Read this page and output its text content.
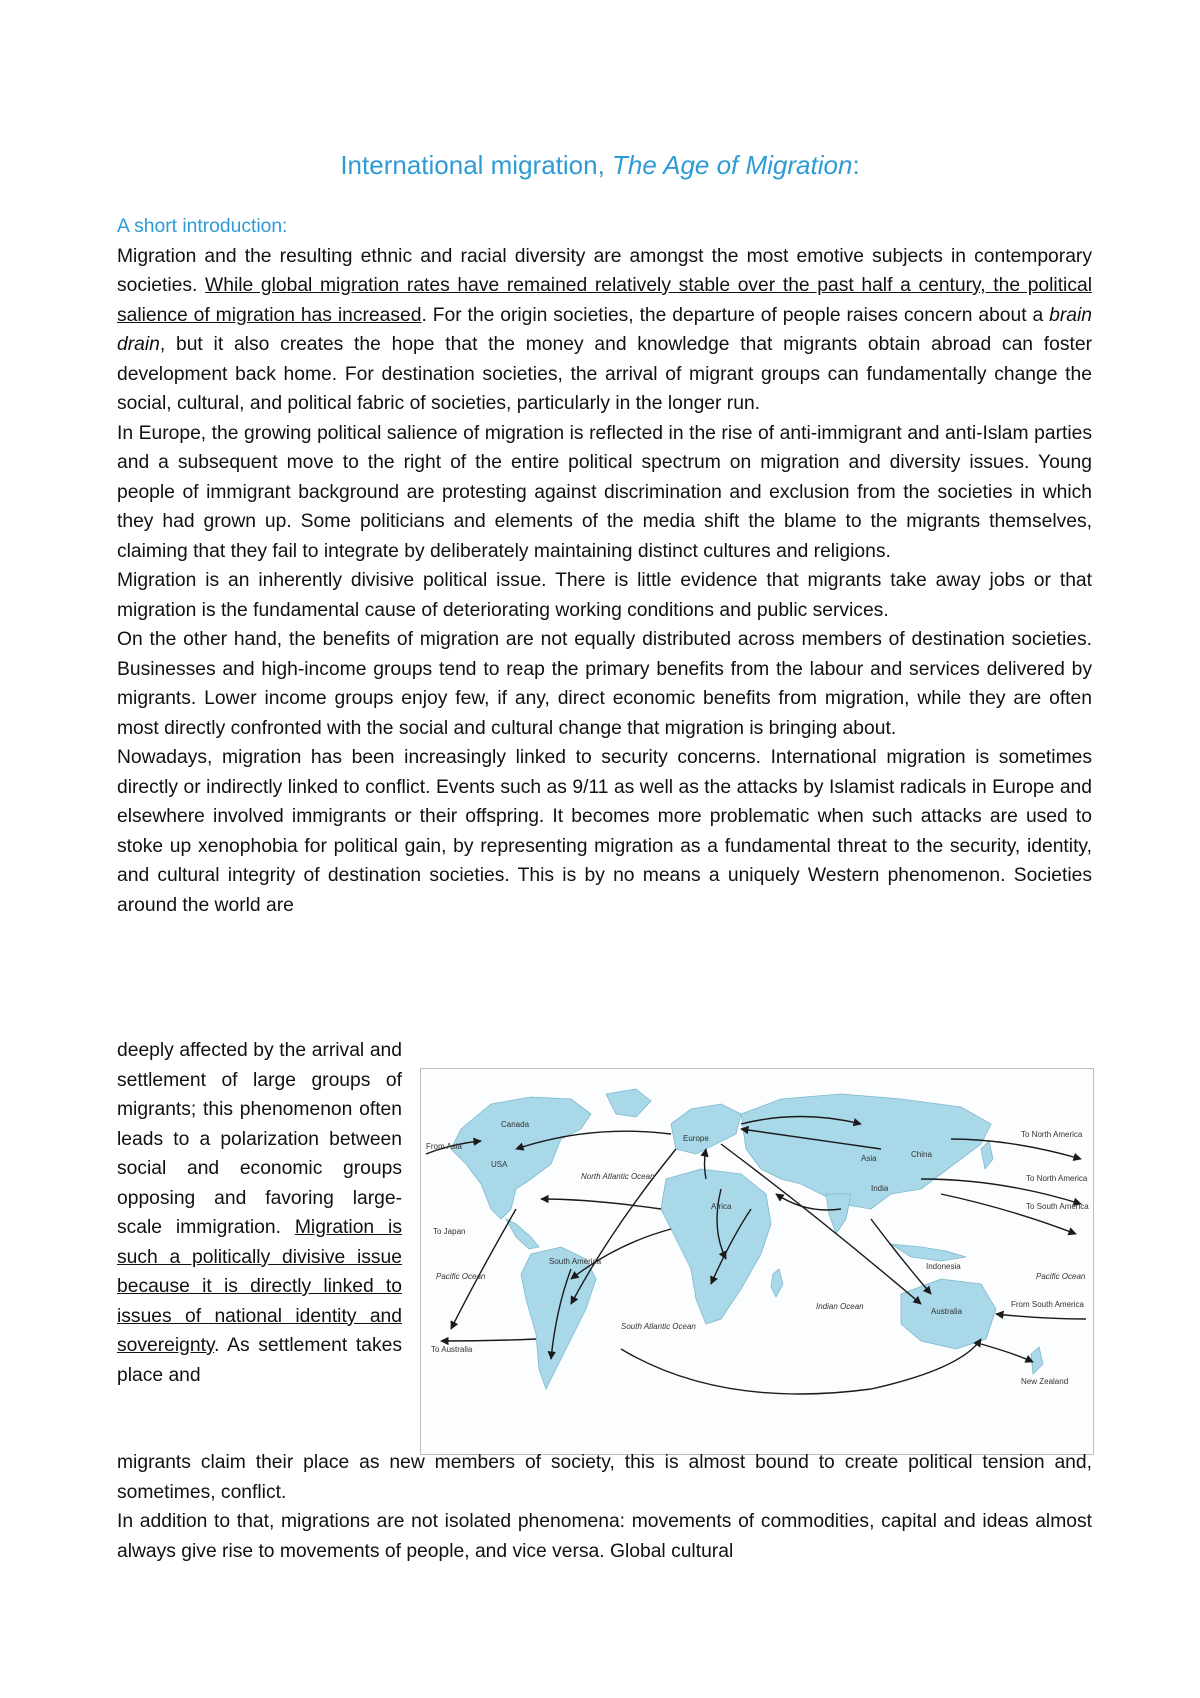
International migration, The Age of Migration:

A short introduction:

Migration and the resulting ethnic and racial diversity are amongst the most emotive subjects in contemporary societies. While global migration rates have remained relatively stable over the past half a century, the political salience of migration has increased. For the origin societies, the departure of people raises concern about a brain drain, but it also creates the hope that the money and knowledge that migrants obtain abroad can foster development back home. For destination societies, the arrival of migrant groups can fundamentally change the social, cultural, and political fabric of societies, particularly in the longer run.

In Europe, the growing political salience of migration is reflected in the rise of anti-immigrant and anti-Islam parties and a subsequent move to the right of the entire political spectrum on migration and diversity issues. Young people of immigrant background are protesting against discrimination and exclusion from the societies in which they had grown up. Some politicians and elements of the media shift the blame to the migrants themselves, claiming that they fail to integrate by deliberately maintaining distinct cultures and religions.

Migration is an inherently divisive political issue. There is little evidence that migrants take away jobs or that migration is the fundamental cause of deteriorating working conditions and public services.

On the other hand, the benefits of migration are not equally distributed across members of destination societies. Businesses and high-income groups tend to reap the primary benefits from the labour and services delivered by migrants. Lower income groups enjoy few, if any, direct economic benefits from migration, while they are often most directly confronted with the social and cultural change that migration is bringing about.

Nowadays, migration has been increasingly linked to security concerns. International migration is sometimes directly or indirectly linked to conflict. Events such as 9/11 as well as the attacks by Islamist radicals in Europe and elsewhere involved immigrants or their offspring. It becomes more problematic when such attacks are used to stoke up xenophobia for political gain, by representing migration as a fundamental threat to the security, identity, and cultural integrity of destination societies. This is by no means a uniquely Western phenomenon. Societies around the world are

deeply affected by the arrival and settlement of large groups of migrants; this phenomenon often leads to a polarization between social and economic groups opposing and favoring large-scale immigration. Migration is such a politically divisive issue because it is directly linked to issues of national identity and sovereignty. As settlement takes place and

Canada
USA
Europe
Asia	China
India
Africa
South America
Indonesia
Australia
New Zealand
From Asia
To North America
To North America
To South America
To Japan
To Australia
From South America
North Atlantic Ocean
Pacific Ocean	Pacific Ocean
Indian Ocean
South Atlantic Ocean

migrants claim their place as new members of society, this is almost bound to create political tension and, sometimes, conflict.

In addition to that, migrations are not isolated phenomena: movements of commodities, capital and ideas almost always give rise to movements of people, and vice versa. Global cultural
